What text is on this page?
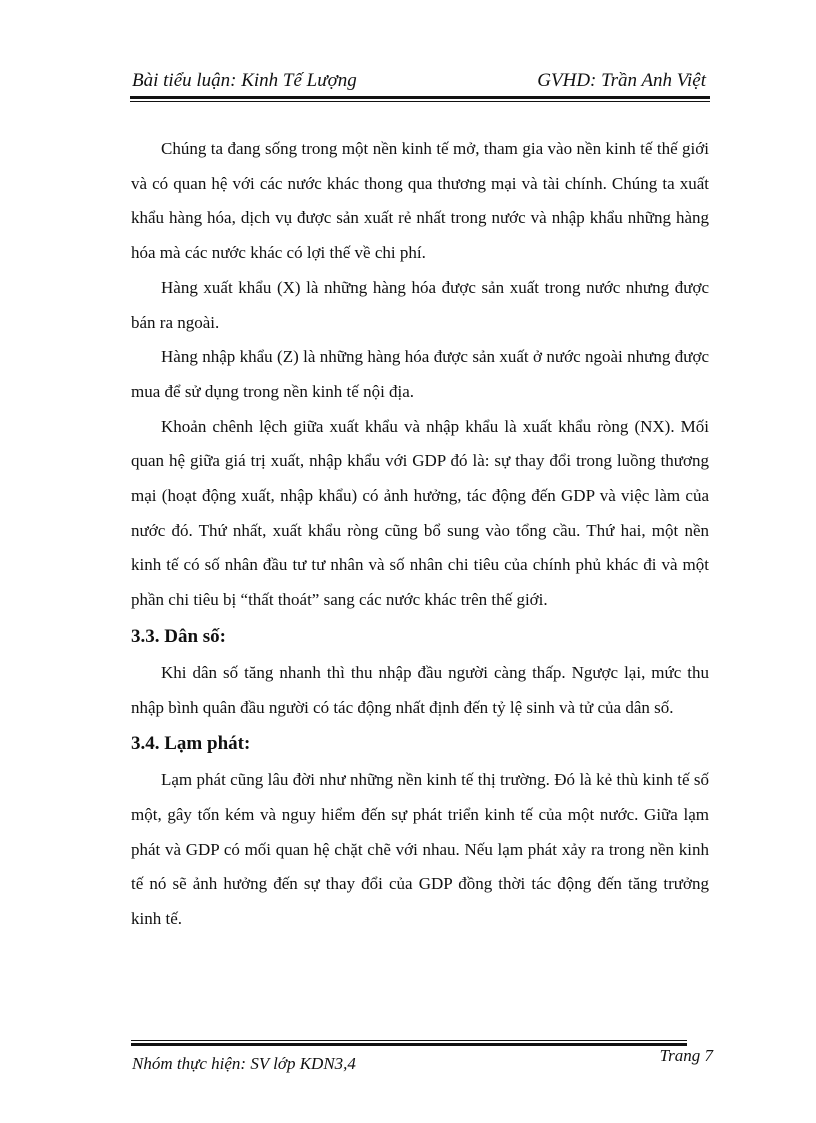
Bài tiểu luận: Kinh Tế Lượng	GVHD: Trần Anh Việt

Chúng ta đang sống trong một nền kinh tế mở, tham gia vào nền kinh tế thế giới và có quan hệ với các nước khác thong qua thương mại và tài chính. Chúng ta xuất khẩu hàng hóa, dịch vụ được sản xuất rẻ nhất trong nước và nhập khẩu những hàng hóa mà các nước khác có lợi thế về chi phí.

Hàng xuất khẩu (X) là những hàng hóa được sản xuất trong nước nhưng được bán ra ngoài.

Hàng nhập khẩu (Z) là những hàng hóa được sản xuất ở nước ngoài nhưng được mua để sử dụng trong nền kinh tế nội địa.

Khoản chênh lệch giữa xuất khẩu và nhập khẩu là xuất khẩu ròng (NX). Mối quan hệ giữa giá trị xuất, nhập khẩu với GDP đó là: sự thay đổi trong luồng thương mại (hoạt động xuất, nhập khẩu) có ảnh hưởng, tác động đến GDP và việc làm của nước đó. Thứ nhất, xuất khẩu ròng cũng bổ sung vào tổng cầu. Thứ hai, một nền kinh tế có số nhân đầu tư tư nhân và số nhân chi tiêu của chính phủ khác đi và một phần chi tiêu bị “thất thoát” sang các nước khác trên thế giới.

3.3. Dân số:

Khi dân số tăng nhanh thì thu nhập đầu người càng thấp. Ngược lại, mức thu nhập bình quân đầu người có tác động nhất định đến tỷ lệ sinh và tử của dân số.

3.4. Lạm phát:

Lạm phát cũng lâu đời như những nền kinh tế thị trường. Đó là kẻ thù kinh tế số một, gây tốn kém và nguy hiểm đến sự phát triển kinh tế của một nước. Giữa lạm phát và GDP có mối quan hệ chặt chẽ với nhau. Nếu lạm phát xảy ra trong nền kinh tế nó sẽ ảnh hưởng đến sự thay đổi của GDP đồng thời tác động đến tăng trưởng kinh tế.

Nhóm thực hiện: SV lớp KDN3,4	Trang 7
